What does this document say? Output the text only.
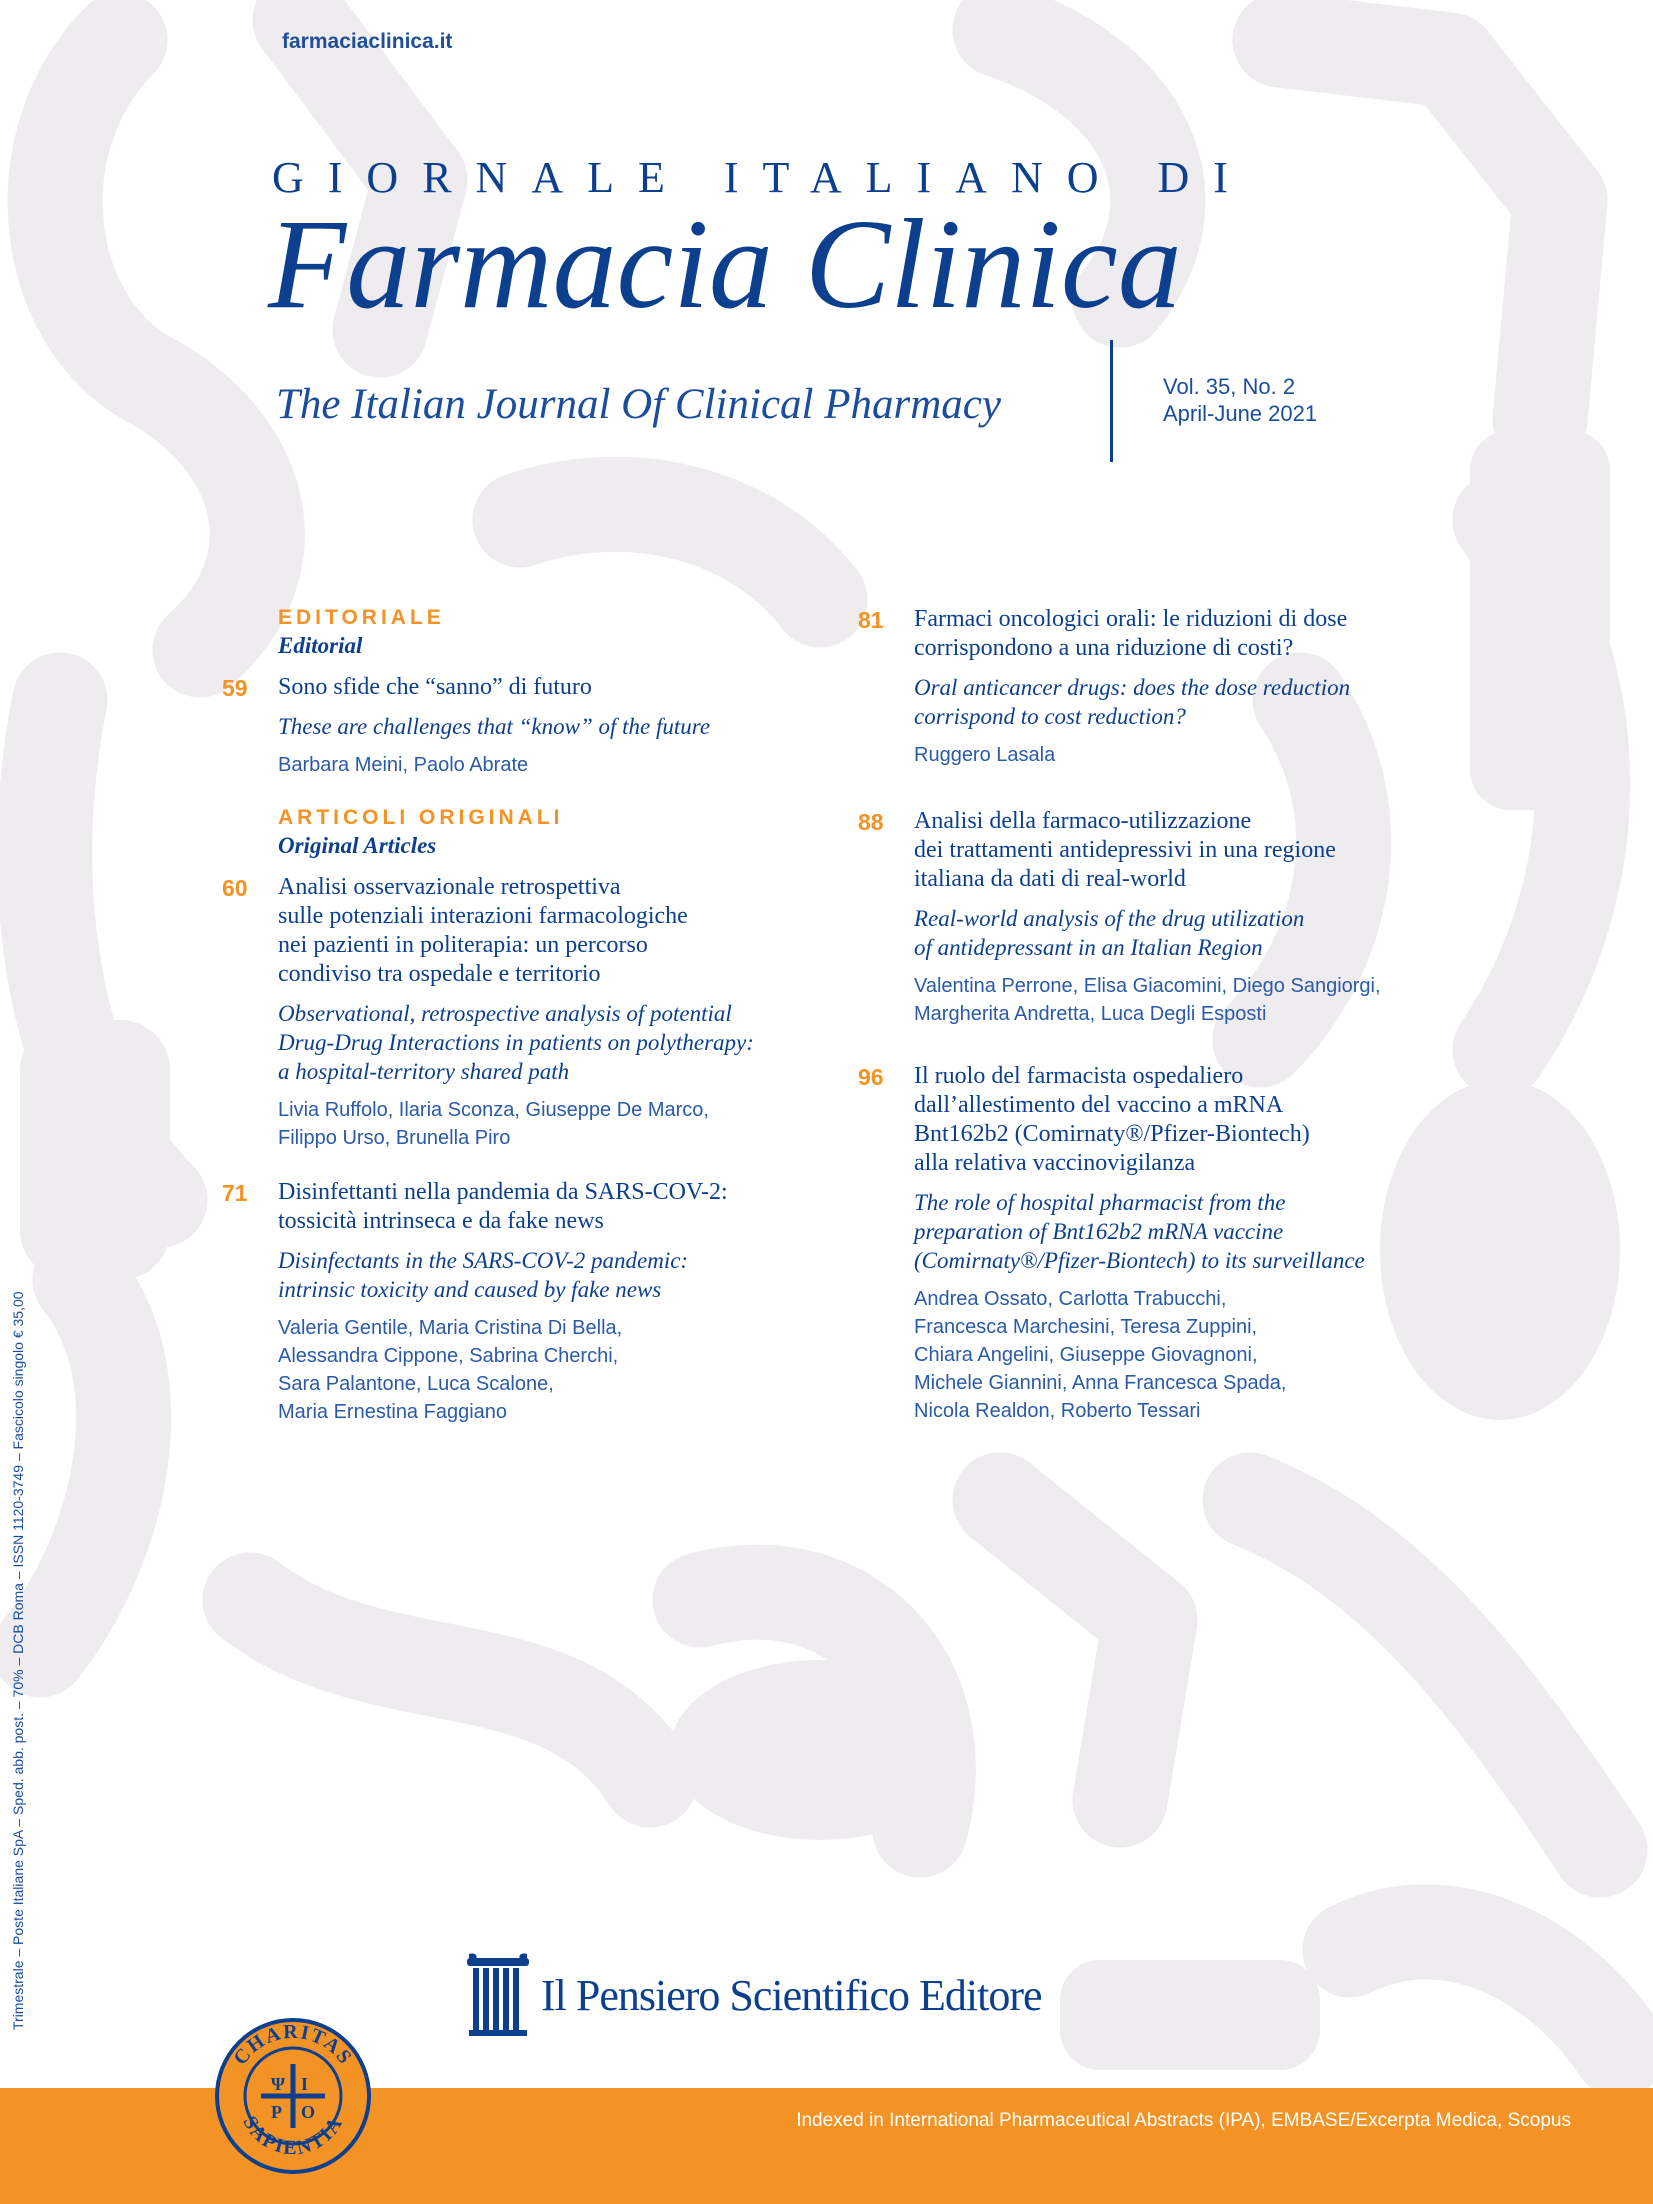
farmaciaclinica.it
GIORNALE ITALIANO DI
Farmacia Clinica
The Italian Journal Of Clinical Pharmacy	Vol. 35, No. 2
April-June 2021
EDITORIALE
Editorial
59 Sono sfide che “sanno” di futuro
These are challenges that “know” of the future
Barbara Meini, Paolo Abrate
ARTICOLI ORIGINALI
Original Articles
60 Analisi osservazionale retrospettiva
sulle potenziali interazioni farmacologiche
nei pazienti in politerapia: un percorso
condiviso tra ospedale e territorio
Observational, retrospective analysis of potential
Drug-Drug Interactions in patients on polytherapy:
a hospital-territory shared path
Livia Ruffolo, Ilaria Sconza, Giuseppe De Marco,
Filippo Urso, Brunella Piro
71 Disinfettanti nella pandemia da SARS-COV-2:
tossicità intrinseca e da fake news
Disinfectants in the SARS-COV-2 pandemic:
intrinsic toxicity and caused by fake news
Valeria Gentile, Maria Cristina Di Bella,
Alessandra Cippone, Sabrina Cherchi,
Sara Palantone, Luca Scalone,
Maria Ernestina Faggiano
81 Farmaci oncologici orali: le riduzioni di dose
corrispondono a una riduzione di costi?
Oral anticancer drugs: does the dose reduction
corrispond to cost reduction?
Ruggero Lasala
88 Analisi della farmaco-utilizzazione
dei trattamenti antidepressivi in una regione
italiana da dati di real-world
Real-world analysis of the drug utilization
of antidepressant in an Italian Region
Valentina Perrone, Elisa Giacomini, Diego Sangiorgi,
Margherita Andretta, Luca Degli Esposti
96 Il ruolo del farmacista ospedaliero
dall’allestimento del vaccino a mRNA
Bnt162b2 (Comirnaty®/Pfizer-Biontech)
alla relativa vaccinovigilanza
The role of hospital pharmacist from the
preparation of Bnt162b2 mRNA vaccine
(Comirnaty®/Pfizer-Biontech) to its surveillance
Andrea Ossato, Carlotta Trabucchi,
Francesca Marchesini, Teresa Zuppini,
Chiara Angelini, Giuseppe Giovagnoni,
Michele Giannini, Anna Francesca Spada,
Nicola Realdon, Roberto Tessari
Trimestrale – Poste Italiane SpA – Sped. abb. post. – 70% – DCB Roma – ISSN 1120-3749 – Fascicolo singolo € 35,00	Il Pensiero Scientifico Editore
Indexed in International Pharmaceutical Abstracts (IPA), EMBASE/Excerpta Medica, Scopus
CHARITAS
SAPIENTIA
Ψ I
P O
